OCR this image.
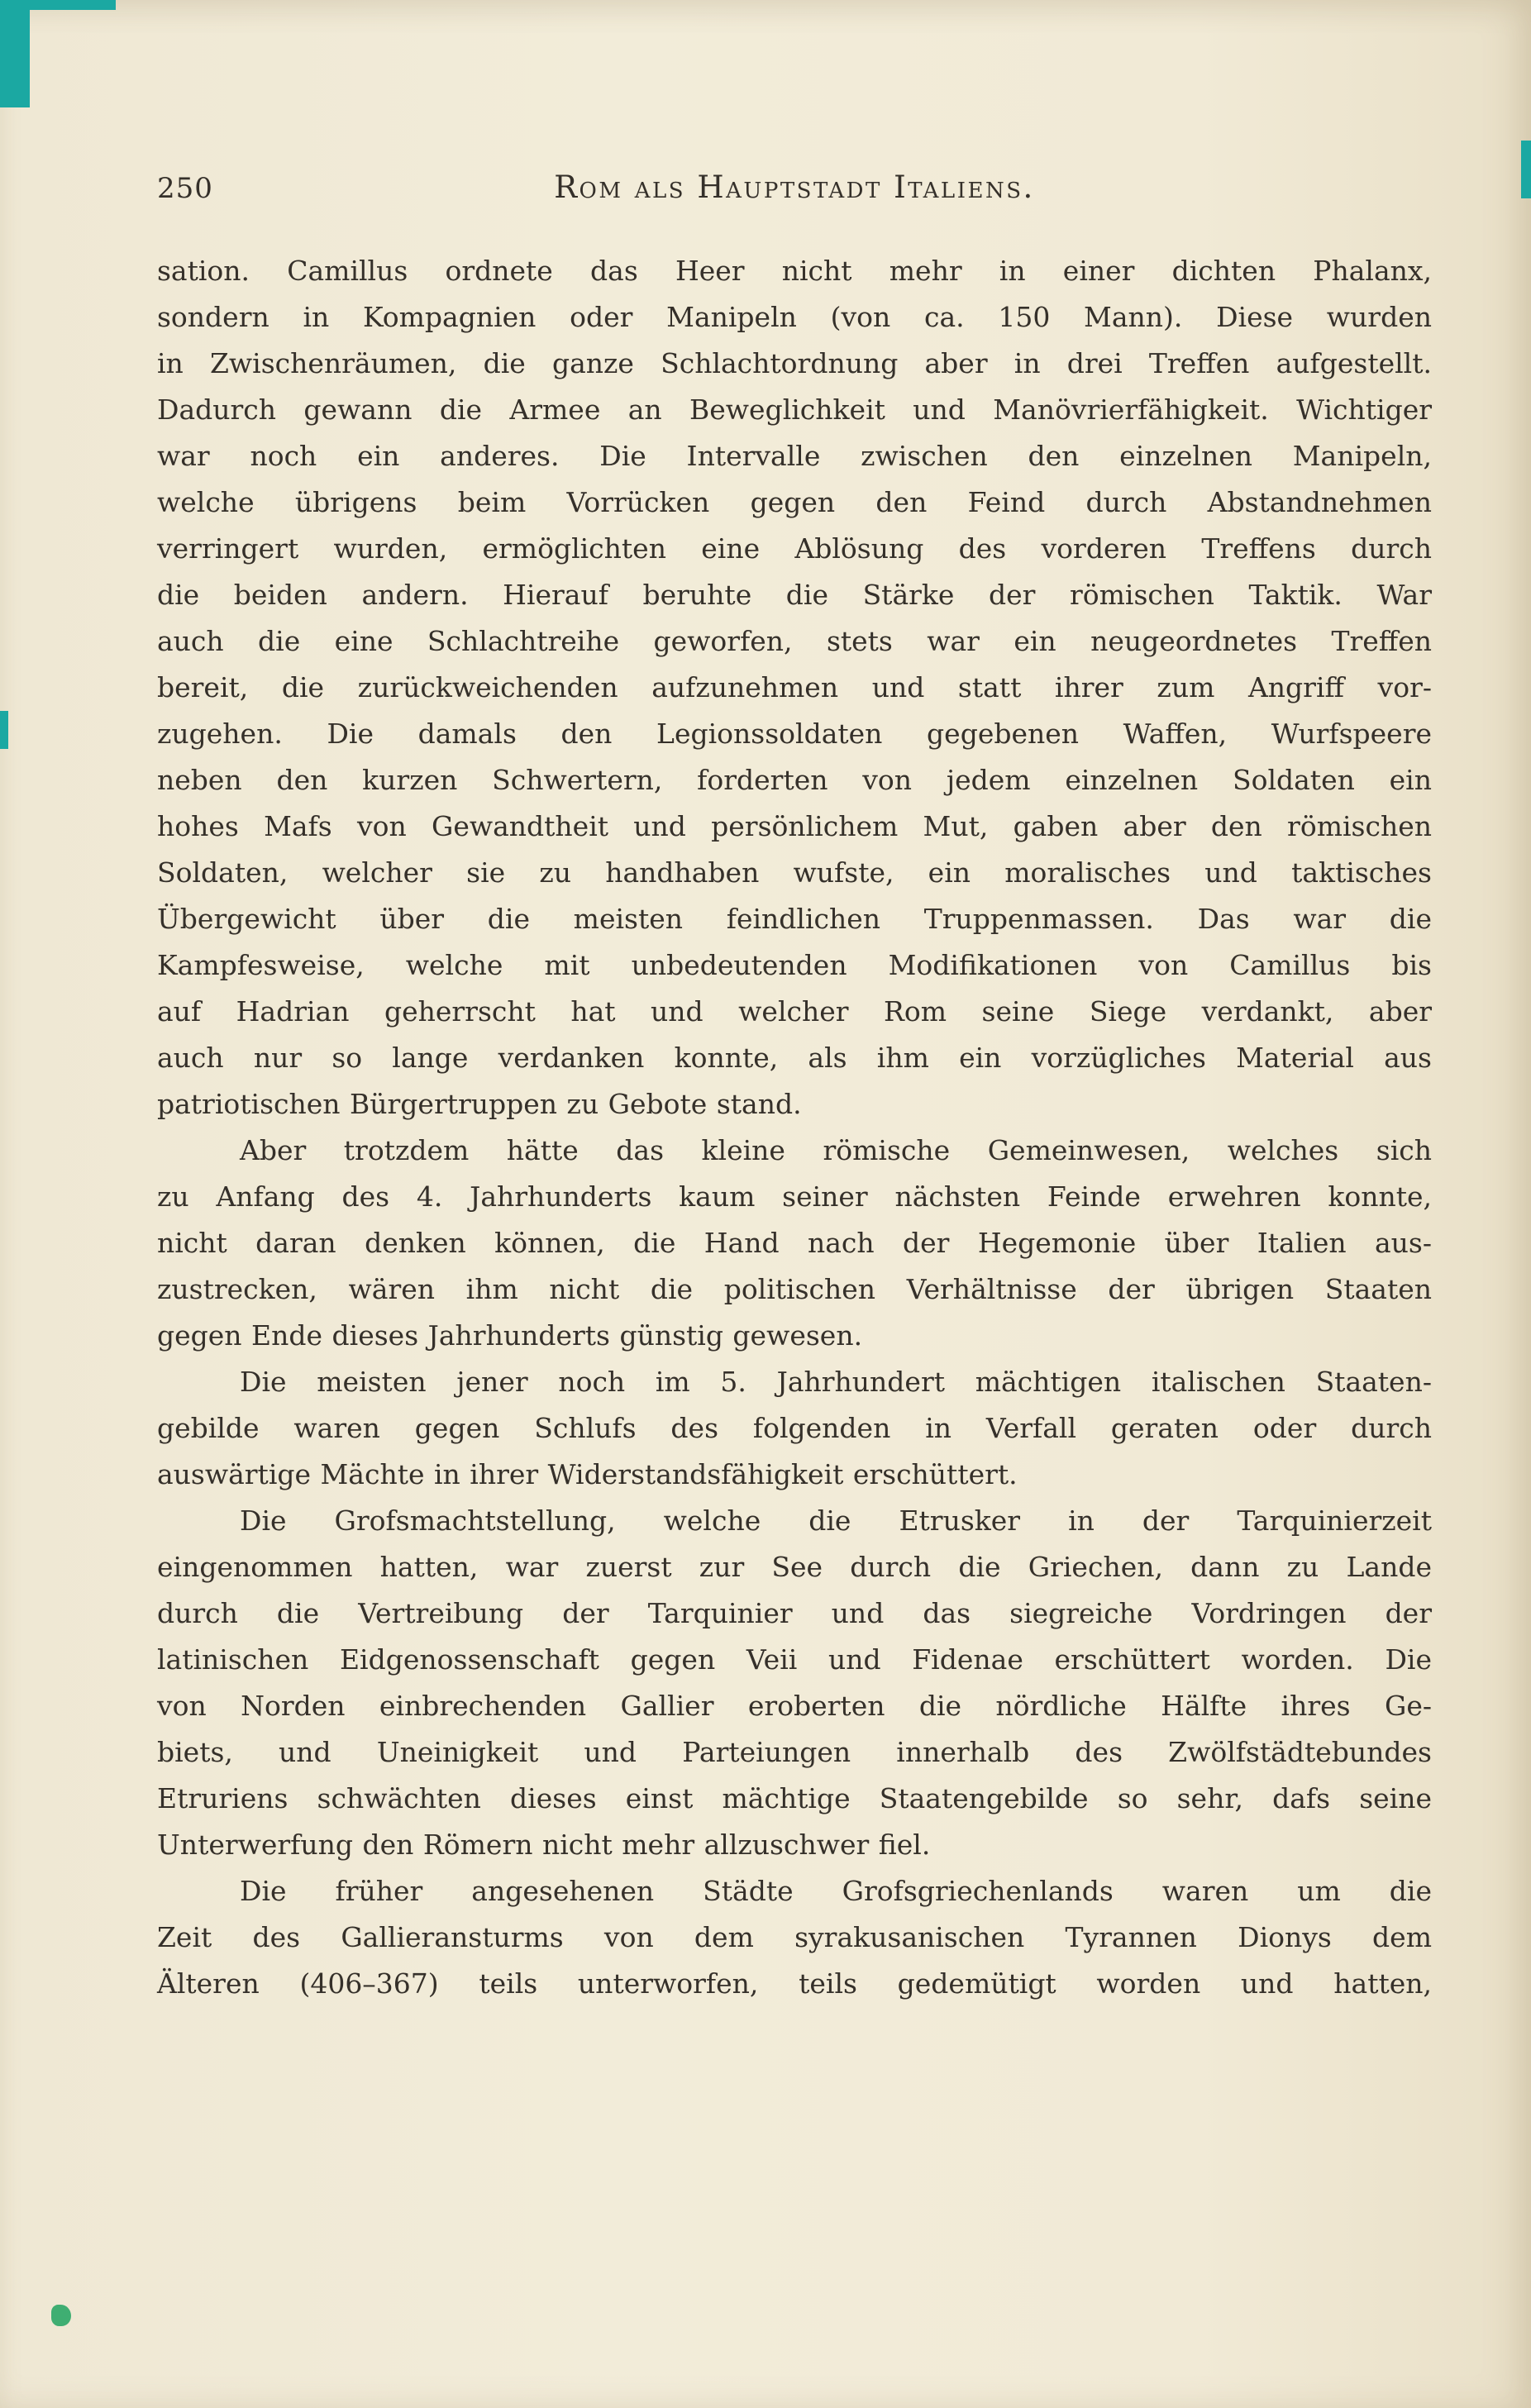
250	Rom als Hauptstadt Italiens.
sation. Camillus ordnete das Heer nicht mehr in einer dichten Phalanx,
sondern in Kompagnien oder Manipeln (von ca. 150 Mann). Diese wurden
in Zwischenräumen, die ganze Schlachtordnung aber in drei Treffen aufgestellt.
Dadurch gewann die Armee an Beweglichkeit und Manövrierfähigkeit. Wichtiger
war noch ein anderes. Die Intervalle zwischen den einzelnen Manipeln,
welche übrigens beim Vorrücken gegen den Feind durch Abstandnehmen
verringert wurden, ermöglichten eine Ablösung des vorderen Treffens durch
die beiden andern. Hierauf beruhte die Stärke der römischen Taktik. War
auch die eine Schlachtreihe geworfen, stets war ein neugeordnetes Treffen
bereit, die zurückweichenden aufzunehmen und statt ihrer zum Angriff vor-
zugehen. Die damals den Legionssoldaten gegebenen Waffen, Wurfspeere
neben den kurzen Schwertern, forderten von jedem einzelnen Soldaten ein
hohes Mafs von Gewandtheit und persönlichem Mut, gaben aber den römischen
Soldaten, welcher sie zu handhaben wufste, ein moralisches und taktisches
Übergewicht über die meisten feindlichen Truppenmassen. Das war die
Kampfesweise, welche mit unbedeutenden Modifikationen von Camillus bis
auf Hadrian geherrscht hat und welcher Rom seine Siege verdankt, aber
auch nur so lange verdanken konnte, als ihm ein vorzügliches Material aus
patriotischen Bürgertruppen zu Gebote stand.
Aber trotzdem hätte das kleine römische Gemeinwesen, welches sich
zu Anfang des 4. Jahrhunderts kaum seiner nächsten Feinde erwehren konnte,
nicht daran denken können, die Hand nach der Hegemonie über Italien aus-
zustrecken, wären ihm nicht die politischen Verhältnisse der übrigen Staaten
gegen Ende dieses Jahrhunderts günstig gewesen.
Die meisten jener noch im 5. Jahrhundert mächtigen italischen Staaten-
gebilde waren gegen Schlufs des folgenden in Verfall geraten oder durch
auswärtige Mächte in ihrer Widerstandsfähigkeit erschüttert.
Die Grofsmachtstellung, welche die Etrusker in der Tarquinierzeit
eingenommen hatten, war zuerst zur See durch die Griechen, dann zu Lande
durch die Vertreibung der Tarquinier und das siegreiche Vordringen der
latinischen Eidgenossenschaft gegen Veii und Fidenae erschüttert worden. Die
von Norden einbrechenden Gallier eroberten die nördliche Hälfte ihres Ge-
biets, und Uneinigkeit und Parteiungen innerhalb des Zwölfstädtebundes
Etruriens schwächten dieses einst mächtige Staatengebilde so sehr, dafs seine
Unterwerfung den Römern nicht mehr allzuschwer fiel.
Die früher angesehenen Städte Grofsgriechenlands waren um die
Zeit des Gallieransturms von dem syrakusanischen Tyrannen Dionys dem
Älteren (406–367) teils unterworfen, teils gedemütigt worden und hatten,
